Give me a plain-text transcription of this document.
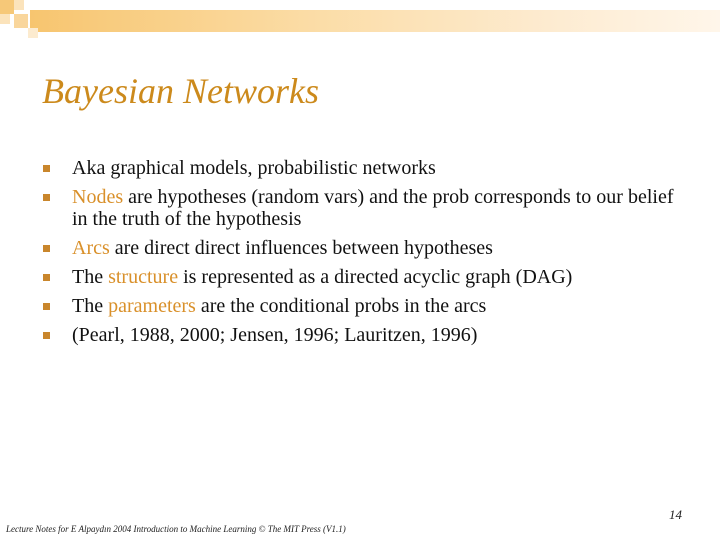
Bayesian Networks
Aka graphical models, probabilistic networks
Nodes are hypotheses (random vars) and the prob corresponds to our belief in the truth of the hypothesis
Arcs are direct direct influences between hypotheses
The structure is represented as a directed acyclic graph (DAG)
The parameters are the conditional probs in the arcs
(Pearl, 1988, 2000; Jensen, 1996; Lauritzen, 1996)
14
Lecture Notes for E Alpaydın 2004 Introduction to Machine Learning © The MIT Press (V1.1)
